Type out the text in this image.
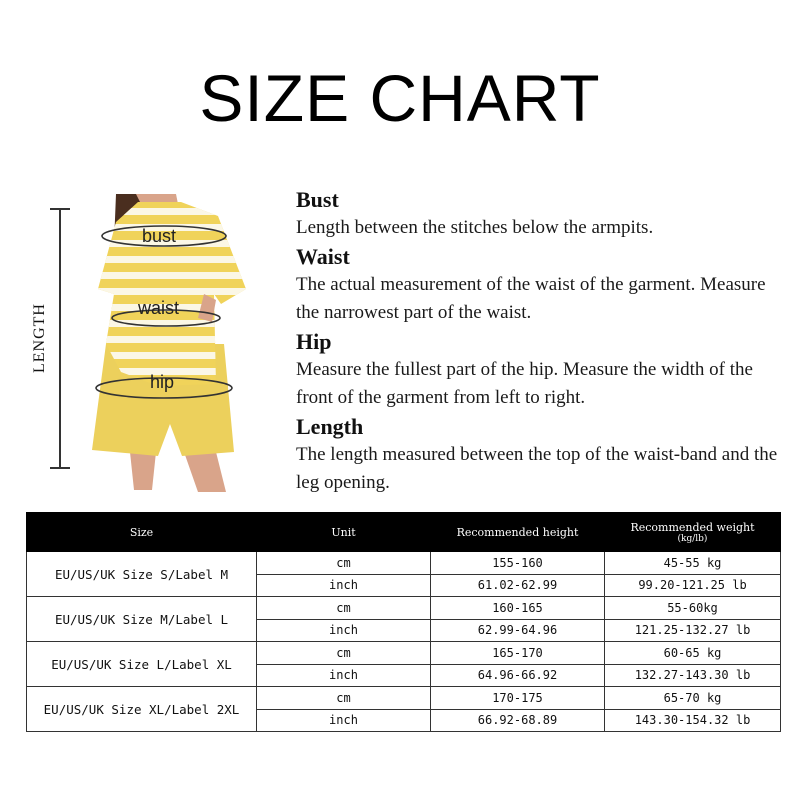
SIZE CHART
LENGTH
bust
waist
hip
Bust

Length between the stitches below the armpits.

Waist

The actual measurement of the waist of the garment. Measure the narrowest part of the waist.

Hip

Measure the fullest part of the hip. Measure the width of the front of the garment from left to right.

Length

The length measured between the top of the waist-band and the leg opening.

Size	Unit	Recommended height	Recommended weight
(kg/lb)

EU/US/UK Size S/Label M	cm	155-160	45-55 kg
	inch	61.02-62.99	99.20-121.25 lb
EU/US/UK Size M/Label L	cm	160-165	55-60kg
	inch	62.99-64.96	121.25-132.27 lb
EU/US/UK Size L/Label XL	cm	165-170	60-65 kg
	inch	64.96-66.92	132.27-143.30 lb
EU/US/UK Size XL/Label 2XL	cm	170-175	65-70 kg
	inch	66.92-68.89	143.30-154.32 lb
